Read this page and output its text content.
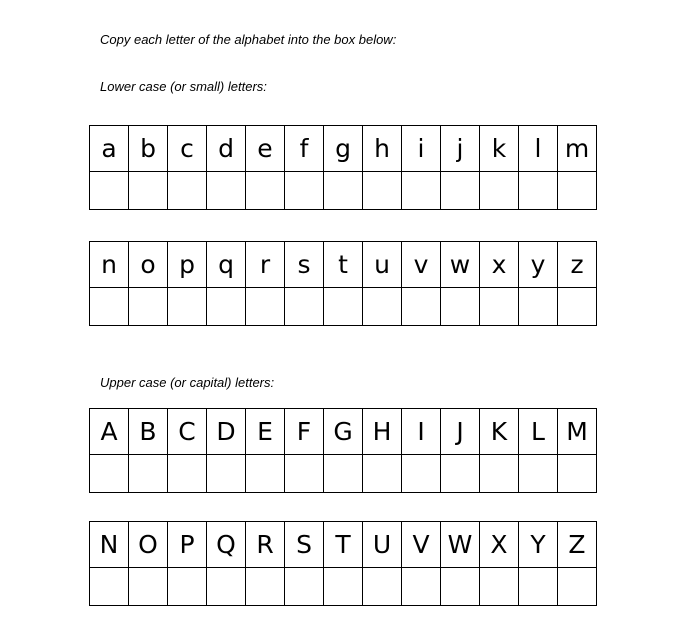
Copy each letter of the alphabet into the box below:
Lower case (or small) letters:
a	b	c	d	e	f	g	h	i	j	k	l	m

n	o	p	q	r	s	t	u	v	w	x	y	z

Upper case (or capital) letters:
A	B	C	D	E	F	G	H	I	J	K	L	M

N	O	P	Q	R	S	T	U	V	W	X	Y	Z
